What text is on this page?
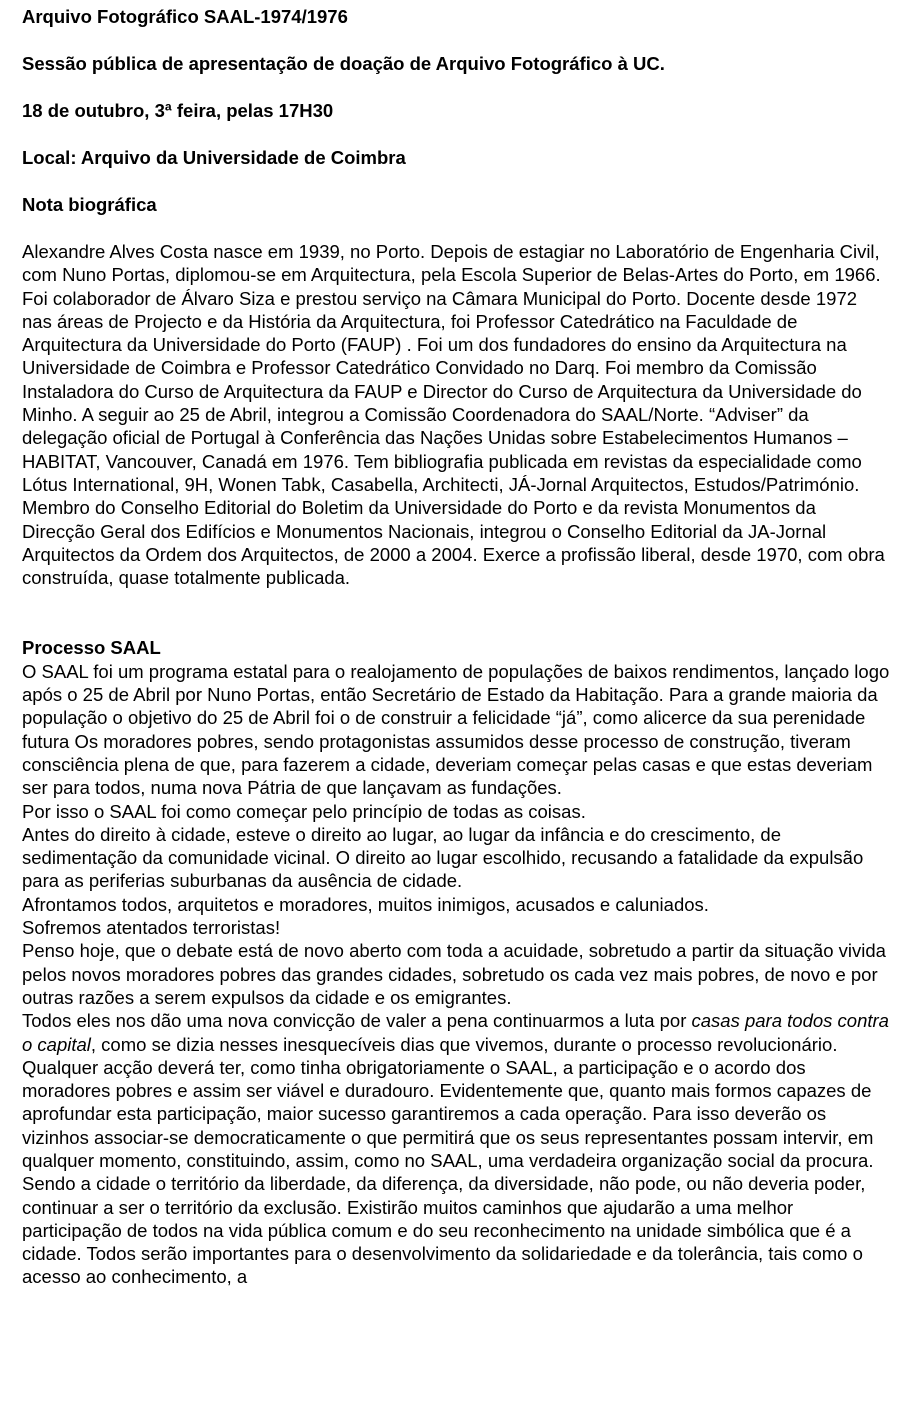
Arquivo Fotográfico SAAL-1974/1976

Sessão pública de apresentação de doação de Arquivo Fotográfico à UC.

18 de outubro, 3ª feira, pelas 17H30

Local: Arquivo da Universidade de Coimbra

Nota biográfica

Alexandre Alves Costa nasce em 1939, no Porto. Depois de estagiar no Laboratório de Engenharia Civil, com Nuno Portas, diplomou-se em Arquitectura, pela Escola Superior de Belas-Artes do Porto, em 1966. Foi colaborador de Álvaro Siza e prestou serviço na Câmara Municipal do Porto. Docente desde 1972 nas áreas de Projecto e da História da Arquitectura, foi Professor Catedrático na Faculdade de Arquitectura da Universidade do Porto (FAUP) . Foi um dos fundadores do ensino da Arquitectura na Universidade de Coimbra e Professor Catedrático Convidado no Darq. Foi membro da Comissão Instaladora do Curso de Arquitectura da FAUP e Director do Curso de Arquitectura da Universidade do Minho. A seguir ao 25 de Abril, integrou a Comissão Coordenadora do SAAL/Norte. “Adviser” da delegação oficial de Portugal à Conferência das Nações Unidas sobre Estabelecimentos Humanos – HABITAT, Vancouver, Canadá em 1976. Tem bibliografia publicada em revistas da especialidade como Lótus International, 9H, Wonen Tabk, Casabella, Architecti, JÁ-Jornal Arquitectos, Estudos/Património. Membro do Conselho Editorial do Boletim da Universidade do Porto e da revista Monumentos da Direcção Geral dos Edifícios e Monumentos Nacionais, integrou o Conselho Editorial da JA-Jornal Arquitectos da Ordem dos Arquitectos, de 2000 a 2004. Exerce a profissão liberal, desde 1970, com obra construída, quase totalmente publicada.

Processo SAAL

O SAAL foi um programa estatal para o realojamento de populações de baixos rendimentos, lançado logo após o 25 de Abril por Nuno Portas, então Secretário de Estado da Habitação. Para a grande maioria da população o objetivo do 25 de Abril foi o de construir a felicidade “já”, como alicerce da sua perenidade futura Os moradores pobres, sendo protagonistas assumidos desse processo de construção, tiveram consciência plena de que, para fazerem a cidade, deveriam começar pelas casas e que estas deveriam ser para todos, numa nova Pátria de que lançavam as fundações.

Por isso o SAAL foi como começar pelo princípio de todas as coisas.

Antes do direito à cidade, esteve o direito ao lugar, ao lugar da infância e do crescimento, de sedimentação da comunidade vicinal. O direito ao lugar escolhido, recusando a fatalidade da expulsão para as periferias suburbanas da ausência de cidade.

Afrontamos todos, arquitetos e moradores, muitos inimigos, acusados e caluniados.

Sofremos atentados terroristas!

Penso hoje, que o debate está de novo aberto com toda a acuidade, sobretudo a partir da situação vivida pelos novos moradores pobres das grandes cidades, sobretudo os cada vez mais pobres, de novo e por outras razões a serem expulsos da cidade e os emigrantes.

Todos eles nos dão uma nova convicção de valer a pena continuarmos a luta por casas para todos contra o capital, como se dizia nesses inesquecíveis dias que vivemos, durante o processo revolucionário.

Qualquer acção deverá ter, como tinha obrigatoriamente o SAAL, a participação e o acordo dos moradores pobres e assim ser viável e duradouro. Evidentemente que, quanto mais formos capazes de aprofundar esta participação, maior sucesso garantiremos a cada operação. Para isso deverão os vizinhos associar-se democraticamente o que permitirá que os seus representantes possam intervir, em qualquer momento, constituindo, assim, como no SAAL, uma verdadeira organização social da procura.

Sendo a cidade o território da liberdade, da diferença, da diversidade, não pode, ou não deveria poder, continuar a ser o território da exclusão. Existirão muitos caminhos que ajudarão a uma melhor participação de todos na vida pública comum e do seu reconhecimento na unidade simbólica que é a cidade. Todos serão importantes para o desenvolvimento da solidariedade e da tolerância, tais como o acesso ao conhecimento, a
